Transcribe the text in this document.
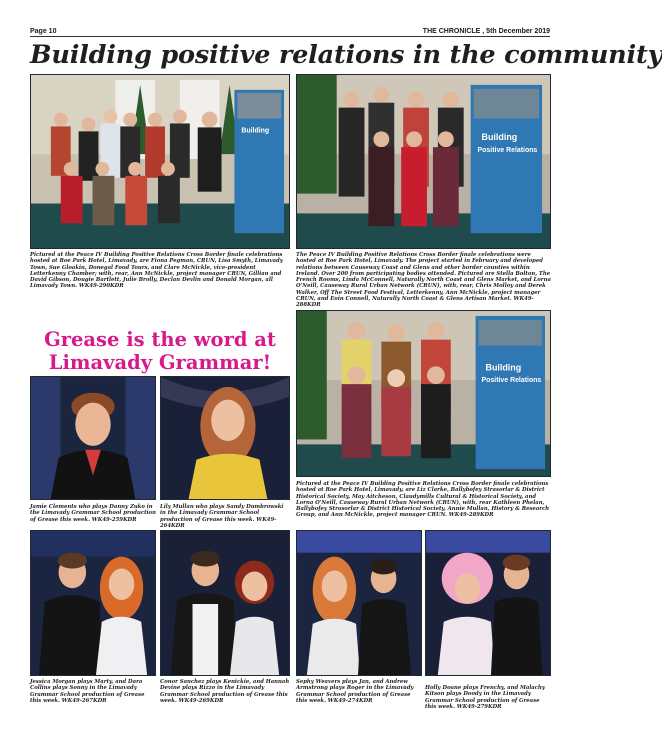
Page 10	THE CHRONICLE , 5th December 2019
Building positive relations in the community
Building
Building
Positive Relations
Pictured at the Peace IV Building Positive Relations Cross Border finale celebrations hosted at Roe Park Hotel, Limavady, are Fiona Pegman, CRUN, Lisa Smyth, Limavady Town, Sue Gloakin, Donegal Food Tours, and Clare McNickle, vice-president Letterkenny Chamber; with, rear, Ann McNickle, project manager CRUN, Gillian and David Gibson, Dougie Bartlett, Julie Brolly, Declan Devlin and Donald Morgan, all Limavady Town. WK49-290KDR
The Peace IV Building Positive Relations Cross Border finale celebrations were hosted at Roe Park Hotel, Limavady. The project started in February and developed relations between Causeway Coast and Glens and other border counties within Ireland. Over 200 from participating bodies attended. Pictured are Stella Bolton, The French Rooms, Linda McConnell, Naturally North Coast and Glens Market, and Lorna O'Neill, Causeway Rural Urban Network (CRUN), with, rear, Chris Molloy and Derek Walker, Off The Street Food Festival, Letterkenny, Ann McNickle, project manager CRUN, and Eoin Connell, Naturally North Coast & Glens Artisan Market. WK49-288KDR
Grease is the word at
Limavady Grammar!	Building
Positive Relations
Jamie Clements who plays Danny Zuko in the Limavady Grammar School production of Grease this week. WK49-259KDR
Lily Mullan who plays Sandy Dumbrowski in the Limavady Grammar School production of Grease this week. WK49-264KDR
Pictured at the Peace IV Building Positive Relations Cross Border finale celebrations hosted at Roe Park Hotel, Limavady, are Liz Clarke, Ballybofey Strasorlar & District Historical Society, May Aitcheson, Claudymills Cultural & Historical Society, and Lorna O'Neill, Causeway Rural Urban Network (CRUN), with, rear Kathleen Phelan, Ballybofey Strasorlar & District Historical Society, Annie Mullan, History & Research Group, and Ann McNickle, project manager CRUN. WK49-289KDR
Jessica Morgan plays Marty, and Dara Collins plays Sonny in the Limavady Grammar School production of Grease this week. WK49-267KDR
Conor Sanchez plays Kenickie, and Hannah Devine plays Rizzo in the Limavady Grammar School production of Grease this week. WK49-269KDR
Sephy Weavers plays Jan, and Andrew Armstrong plays Roger in the Limavady Grammar School production of Grease this week. WK49-274KDR
Holly Doane plays Frenchy, and Malachy Kitson plays Doody in the Limavady Grammar School production of Grease this week. WK49-279KDR
